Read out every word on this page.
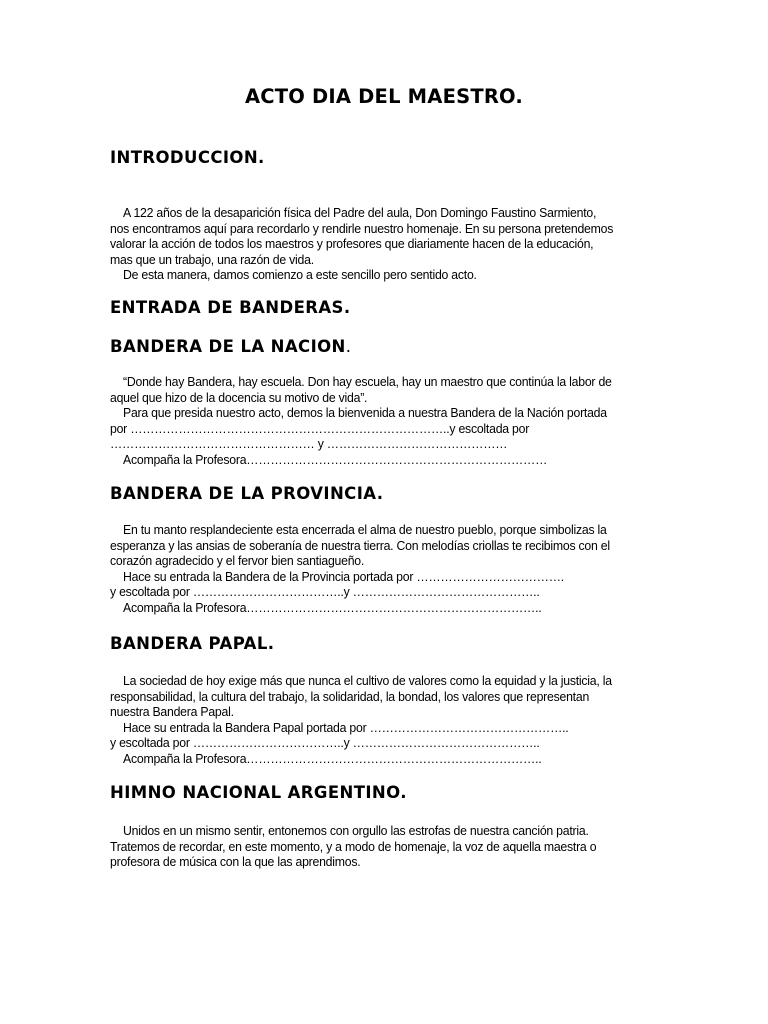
ACTO DIA DEL MAESTRO.
INTRODUCCION.
A 122 años de la desaparición física del Padre del aula, Don Domingo Faustino Sarmiento,
nos encontramos aquí para recordarlo y rendirle nuestro homenaje. En su persona pretendemos
valorar la acción de todos los maestros y profesores que diariamente hacen de la educación,
mas que un trabajo, una razón de vida.
De esta manera, damos comienzo a este sencillo pero sentido acto.
ENTRADA DE BANDERAS.
BANDERA DE LA NACION.
“Donde hay Bandera, hay escuela. Don hay escuela, hay un maestro que continúa la labor de
aquel que hizo de la docencia su motivo de vida”.
Para que presida nuestro acto, demos la bienvenida a nuestra Bandera de la Nación portada
por ……………………………………………………………………..y escoltada por
…………………………………………… y ………………………………………
Acompaña la Profesora…………………………………………………………………
BANDERA DE LA PROVINCIA.
En tu manto resplandeciente esta encerrada el alma de nuestro pueblo, porque simbolizas la
esperanza y las ansias de soberanía de nuestra tierra. Con melodías criollas te recibimos con el
corazón agradecido y el fervor bien santiagueño.
Hace su entrada la Bandera de la Provincia portada por ……………………………….
y escoltada por ………………………………..y ………………………………………..
Acompaña la Profesora………………………………………………………………..
BANDERA PAPAL.
La sociedad de hoy exige más que nunca el cultivo de valores como la equidad y la justicia, la
responsabilidad, la cultura del trabajo, la solidaridad, la bondad, los valores que representan
nuestra Bandera Papal.
Hace su entrada la Bandera Papal portada por …………………………………………..
y escoltada por ………………………………..y ………………………………………..
Acompaña la Profesora………………………………………………………………..
HIMNO NACIONAL ARGENTINO.
Unidos en un mismo sentir, entonemos con orgullo las estrofas de nuestra canción patria.
Tratemos de recordar, en este momento, y a modo de homenaje, la voz de aquella maestra o
profesora de música con la que las aprendimos.
